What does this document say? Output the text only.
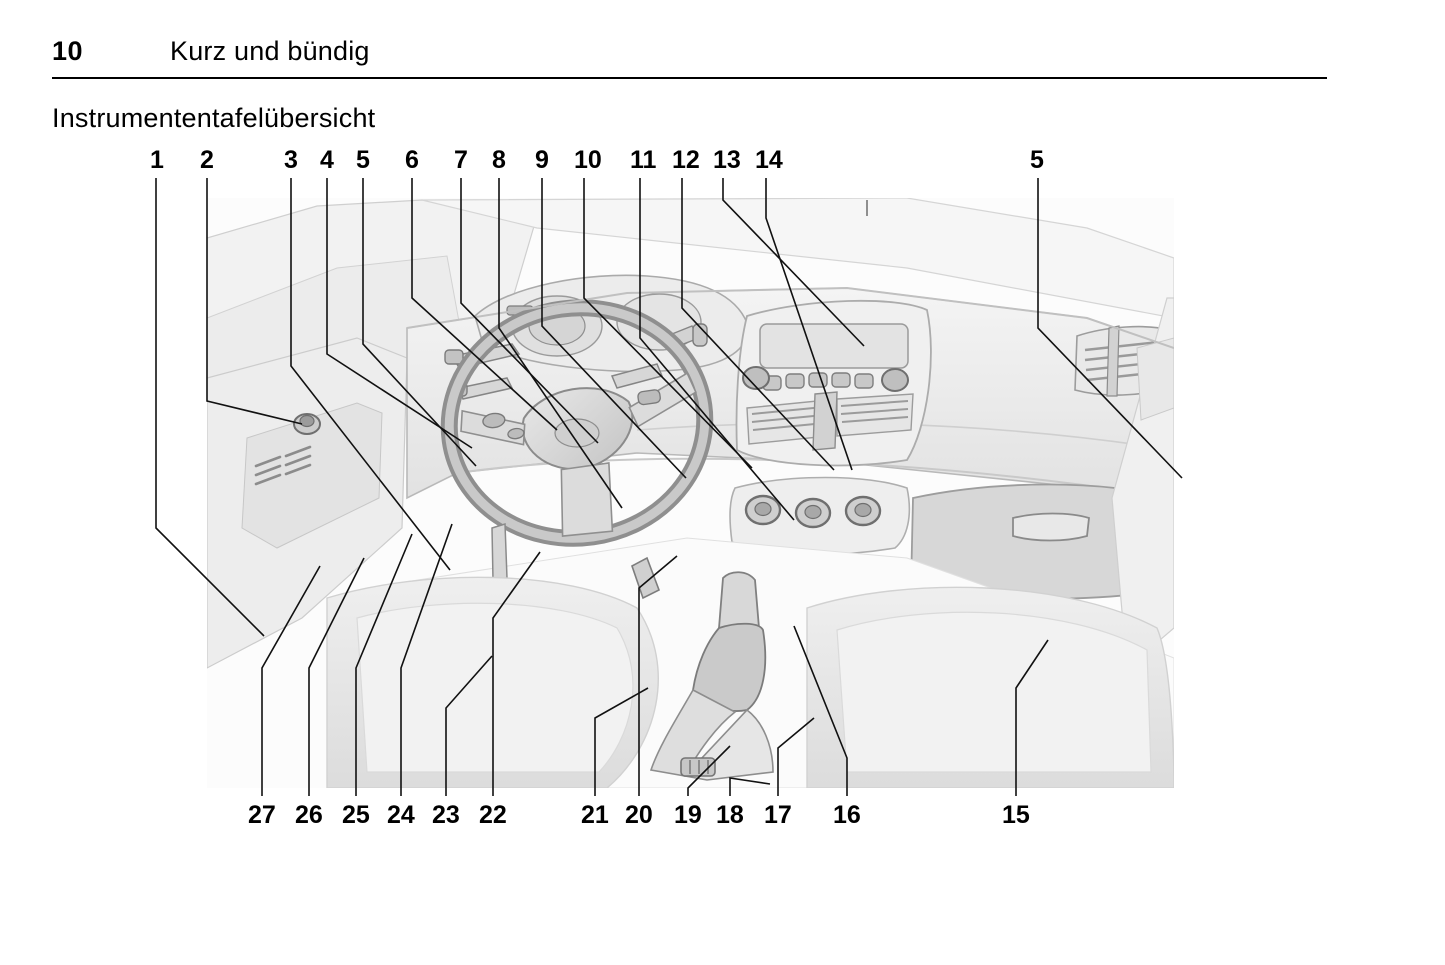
10	Kurz und bündig
Instrumententafelübersicht
1 2	3 4 5 6 7 8 9 10 11 12 13 14	5
27 26 25 24 23 22	21 20 19 18 17 16	15
